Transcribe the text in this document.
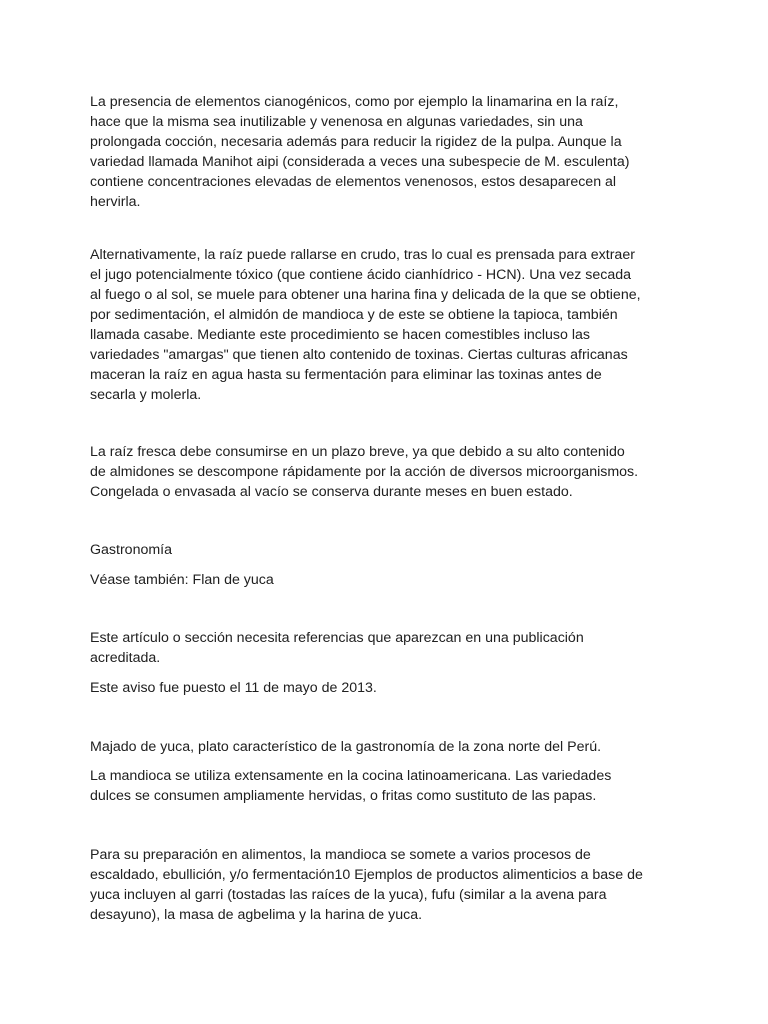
La presencia de elementos cianogénicos, como por ejemplo la linamarina en la raíz,
hace que la misma sea inutilizable y venenosa en algunas variedades, sin una
prolongada cocción, necesaria además para reducir la rigidez de la pulpa. Aunque la
variedad llamada Manihot aipi (considerada a veces una subespecie de M. esculenta)
contiene concentraciones elevadas de elementos venenosos, estos desaparecen al
hervirla.

Alternativamente, la raíz puede rallarse en crudo, tras lo cual es prensada para extraer
el jugo potencialmente tóxico (que contiene ácido cianhídrico - HCN). Una vez secada
al fuego o al sol, se muele para obtener una harina fina y delicada de la que se obtiene,
por sedimentación, el almidón de mandioca y de este se obtiene la tapioca, también
llamada casabe. Mediante este procedimiento se hacen comestibles incluso las
variedades "amargas" que tienen alto contenido de toxinas. Ciertas culturas africanas
maceran la raíz en agua hasta su fermentación para eliminar las toxinas antes de
secarla y molerla.

La raíz fresca debe consumirse en un plazo breve, ya que debido a su alto contenido
de almidones se descompone rápidamente por la acción de diversos microorganismos.
Congelada o envasada al vacío se conserva durante meses en buen estado.

Gastronomía

Véase también: Flan de yuca

Este artículo o sección necesita referencias que aparezcan en una publicación
acreditada.

Este aviso fue puesto el 11 de mayo de 2013.

Majado de yuca, plato característico de la gastronomía de la zona norte del Perú.

La mandioca se utiliza extensamente en la cocina latinoamericana. Las variedades
dulces se consumen ampliamente hervidas, o fritas como sustituto de las papas.

Para su preparación en alimentos, la mandioca se somete a varios procesos de
escaldado, ebullición, y/o fermentación10 Ejemplos de productos alimenticios a base de
yuca incluyen al garri (tostadas las raíces de la yuca), fufu (similar a la avena para
desayuno), la masa de agbelima y la harina de yuca.
